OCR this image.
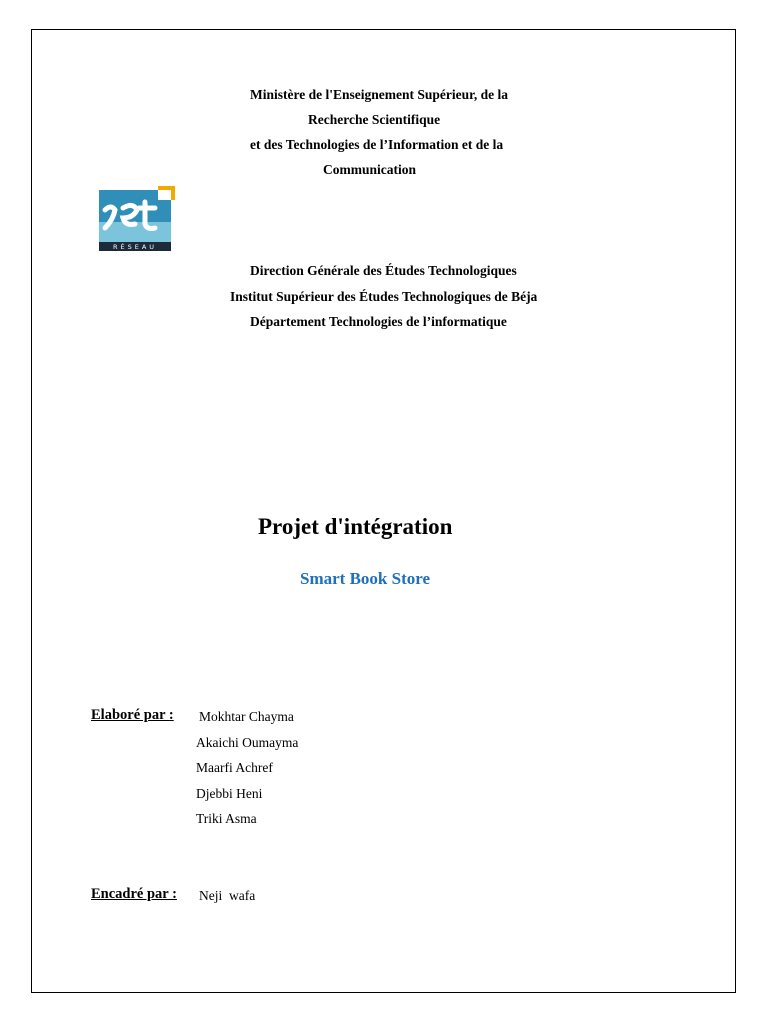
Ministère de l'Enseignement Supérieur, de la
Recherche Scientifique
et des Technologies de l’Information et de la
Communication
RÉSEAU
Direction Générale des Études Technologiques
Institut Supérieur des Études Technologiques de Béja
Département Technologies de l’informatique
Projet d'intégration
Smart Book Store
Elaboré par : Mokhtar Chayma
Akaichi Oumayma
Maarfi Achref
Djebbi Heni
Triki Asma
Encadré par : Neji  wafa
